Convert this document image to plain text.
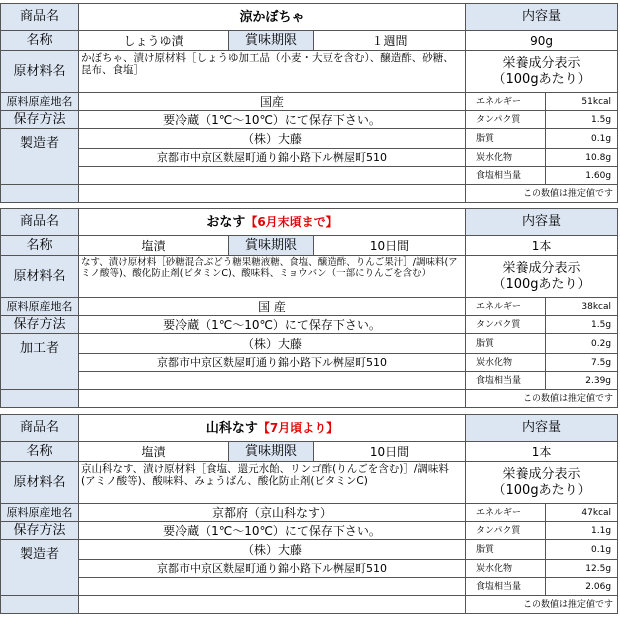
商品名	涼かぼちゃ			内容量	
名称	しょうゆ漬	賞味期限	１週間	90g	
原材料名	かぼちゃ、漬け原材料［しょうゆ加工品（小麦・大豆を含む）、醸造酢、砂糖、昆布、食塩］			栄養成分表示
（100gあたり）	
原料原産地名	国産			エネルギー	51kcal
保存方法	要冷蔵（1℃〜10℃）にて保存下さい。			タンパク質	1.5g
製造者	（株）大藤			脂質	0.1g
	京都市中京区麩屋町通り錦小路下ル桝屋町510			炭水化物	10.8g
				食塩相当量	1.60g
				この数値は推定値です	
商品名	おなす【6月末頃まで】			内容量	
名称	塩漬	賞味期限	10日間	1本	
原材料名	なす、漬け原材料［砂糖混合ぶどう糖果糖液糖、食塩、醸造酢、りんご果汁］/調味料(アミノ酸等)、酸化防止剤(ビタミンC)、酸味料、ミョウバン（一部にりんごを含む）			栄養成分表示
（100gあたり）	
原料原産地名	国 産			エネルギー	38kcal
保存方法	要冷蔵（1℃〜10℃）にて保存下さい。			タンパク質	1.5g
加工者	（株）大藤			脂質	0.2g
	京都市中京区麩屋町通り錦小路下ル桝屋町510			炭水化物	7.5g
				食塩相当量	2.39g
				この数値は推定値です	
商品名	山科なす【7月頃より】			内容量	
名称	塩漬	賞味期限	10日間	1本	
原材料名	京山科なす、漬け原材料［食塩、還元水飴、リンゴ酢(りんごを含む)］/調味料(アミノ酸等)、酸味料、みょうばん、酸化防止剤(ビタミンC)			栄養成分表示
（100gあたり）	
原料原産地名	京都府（京山科なす）			エネルギー	47kcal
保存方法	要冷蔵（1℃〜10℃）にて保存下さい。			タンパク質	1.1g
製造者	（株）大藤			脂質	0.1g
	京都市中京区麩屋町通り錦小路下ル桝屋町510			炭水化物	12.5g
				食塩相当量	2.06g
				この数値は推定値です	
